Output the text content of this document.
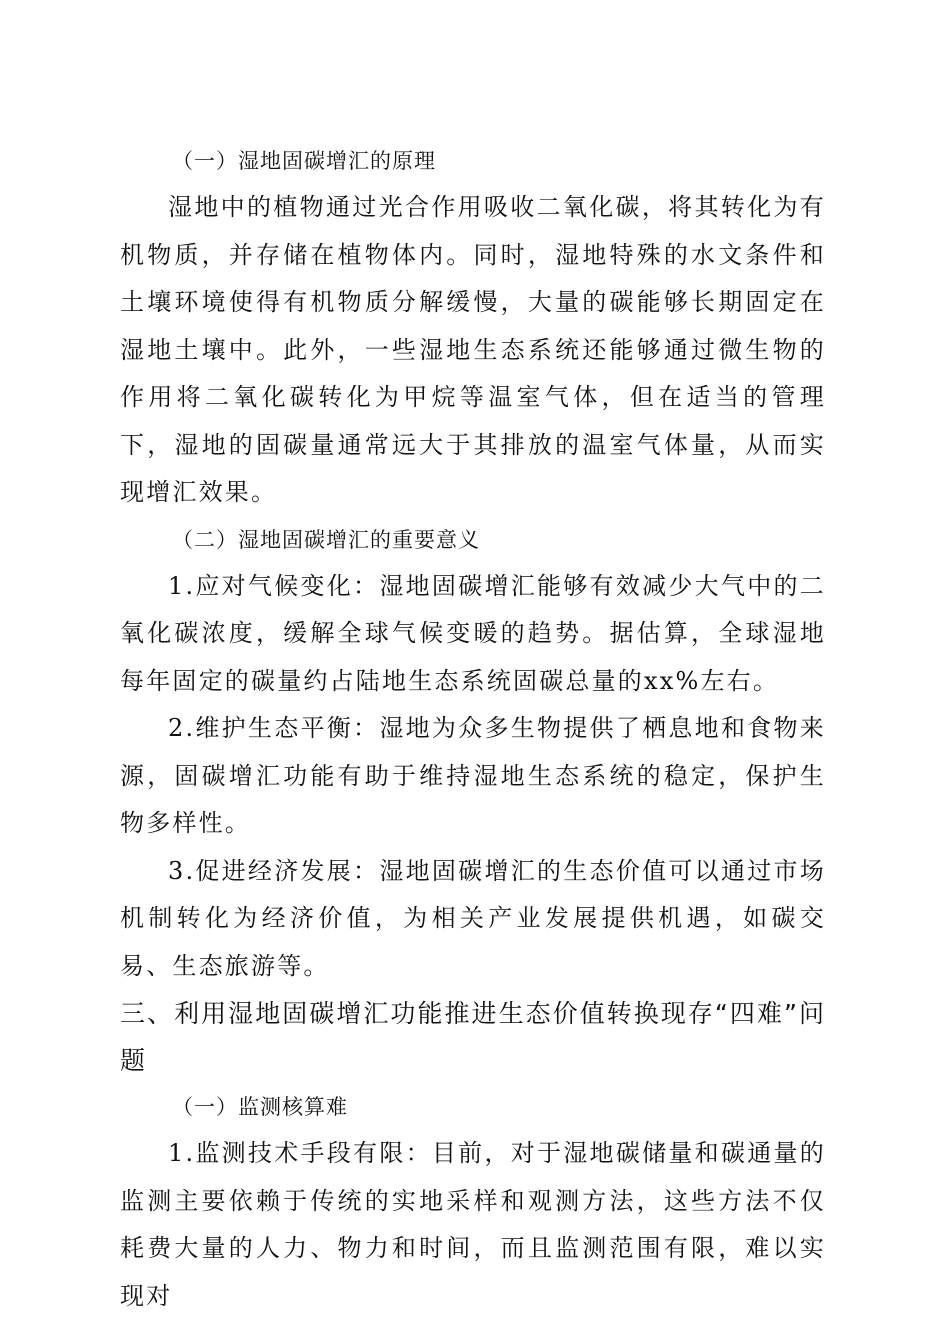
（一）湿地固碳增汇的原理

湿地中的植物通过光合作用吸收二氧化碳，将其转化为有机物质，并存储在植物体内。同时，湿地特殊的水文条件和土壤环境使得有机物质分解缓慢，大量的碳能够长期固定在湿地土壤中。此外，一些湿地生态系统还能够通过微生物的作用将二氧化碳转化为甲烷等温室气体，但在适当的管理下，湿地的固碳量通常远大于其排放的温室气体量，从而实现增汇效果。

（二）湿地固碳增汇的重要意义

1.应对气候变化：湿地固碳增汇能够有效减少大气中的二氧化碳浓度，缓解全球气候变暖的趋势。据估算，全球湿地每年固定的碳量约占陆地生态系统固碳总量的xx%左右。

2.维护生态平衡：湿地为众多生物提供了栖息地和食物来源，固碳增汇功能有助于维持湿地生态系统的稳定，保护生物多样性。

3.促进经济发展：湿地固碳增汇的生态价值可以通过市场机制转化为经济价值，为相关产业发展提供机遇，如碳交易、生态旅游等。

三、利用湿地固碳增汇功能推进生态价值转换现存“四难”问题

（一）监测核算难

1.监测技术手段有限：目前，对于湿地碳储量和碳通量的监测主要依赖于传统的实地采样和观测方法，这些方法不仅耗费大量的人力、物力和时间，而且监测范围有限，难以实现对
